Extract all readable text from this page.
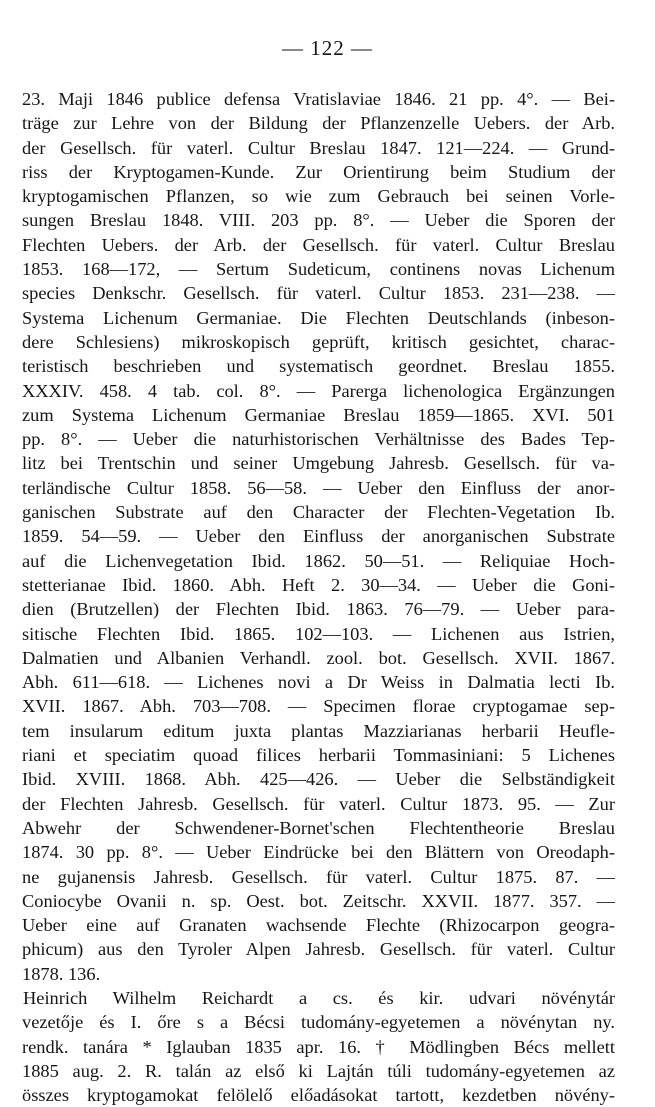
— 122 —
23. Maji 1846 publice defensa Vratislaviae 1846. 21 pp. 4°. — Bei-
träge zur Lehre von der Bildung der Pflanzenzelle Uebers. der Arb.
der Gesellsch. für vaterl. Cultur Breslau 1847. 121—224. — Grund-
riss der Kryptogamen-Kunde. Zur Orientirung beim Studium der
kryptogamischen Pflanzen, so wie zum Gebrauch bei seinen Vorle-
sungen Breslau 1848. VIII. 203 pp. 8°. — Ueber die Sporen der
Flechten Uebers. der Arb. der Gesellsch. für vaterl. Cultur Breslau
1853. 168—172, — Sertum Sudeticum, continens novas Lichenum
species Denkschr. Gesellsch. für vaterl. Cultur 1853. 231—238. —
Systema Lichenum Germaniae. Die Flechten Deutschlands (inbeson-
dere Schlesiens) mikroskopisch geprüft, kritisch gesichtet, charac-
teristisch beschrieben und systematisch geordnet. Breslau 1855.
XXXIV. 458. 4 tab. col. 8°. — Parerga lichenologica Ergänzungen
zum Systema Lichenum Germaniae Breslau 1859—1865. XVI. 501
pp. 8°. — Ueber die naturhistorischen Verhältnisse des Bades Tep-
litz bei Trentschin und seiner Umgebung Jahresb. Gesellsch. für va-
terländische Cultur 1858. 56—58. — Ueber den Einfluss der anor-
ganischen Substrate auf den Character der Flechten-Vegetation Ib.
1859. 54—59. — Ueber den Einfluss der anorganischen Substrate
auf die Lichenvegetation Ibid. 1862. 50—51. — Reliquiae Hoch-
stetterianae Ibid. 1860. Abh. Heft 2. 30—34. — Ueber die Goni-
dien (Brutzellen) der Flechten Ibid. 1863. 76—79. — Ueber para-
sitische Flechten Ibid. 1865. 102—103. — Lichenen aus Istrien,
Dalmatien und Albanien Verhandl. zool. bot. Gesellsch. XVII. 1867.
Abh. 611—618. — Lichenes novi a Dr Weiss in Dalmatia lecti Ib.
XVII. 1867. Abh. 703—708. — Specimen florae cryptogamae sep-
tem insularum editum juxta plantas Mazziarianas herbarii Heufle-
riani et speciatim quoad filices herbarii Tommasiniani: 5 Lichenes
Ibid. XVIII. 1868. Abh. 425—426. — Ueber die Selbständigkeit
der Flechten Jahresb. Gesellsch. für vaterl. Cultur 1873. 95. — Zur
Abwehr der Schwendener-Bornet'schen Flechtentheorie Breslau
1874. 30 pp. 8°. — Ueber Eindrücke bei den Blättern von Oreodaph-
ne gujanensis Jahresb. Gesellsch. für vaterl. Cultur 1875. 87. —
Coniocybe Ovanii n. sp. Oest. bot. Zeitschr. XXVII. 1877. 357. —
Ueber eine auf Granaten wachsende Flechte (Rhizocarpon geogra-
phicum) aus den Tyroler Alpen Jahresb. Gesellsch. für vaterl. Cultur
1878. 136.
Heinrich Wilhelm Reichardt a cs. és kir. udvari növénytár
vezetője és I. őre s a Bécsi tudomány-egyetemen a növénytan ny.
rendk. tanára * Iglauban 1835 apr. 16. † Mödlingben Bécs mellett
1885 aug. 2. R. talán az első ki Lajtán túli tudomány-egyetemen az
összes kryptogamokat felölelő előadásokat tartott, kezdetben növény-
